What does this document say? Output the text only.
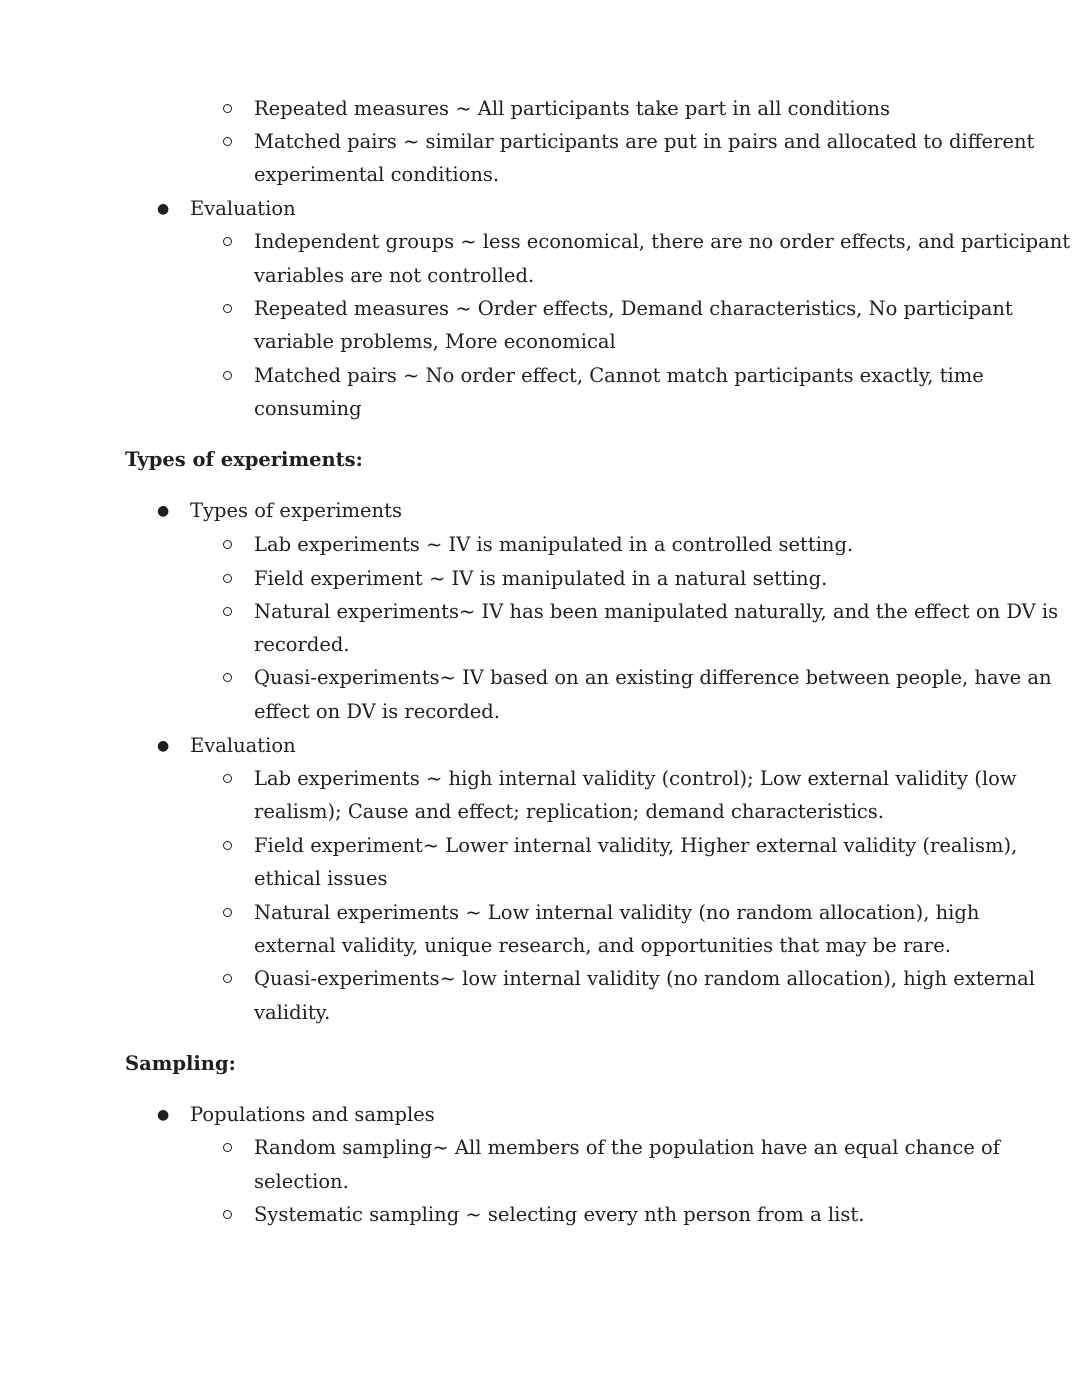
Repeated measures ~ All participants take part in all conditions
Matched pairs ~ similar participants are put in pairs and allocated to different
experimental conditions.
● Evaluation
Independent groups ~ less economical, there are no order effects, and participant
variables are not controlled.
Repeated measures ~ Order effects, Demand characteristics, No participant
variable problems, More economical
Matched pairs ~ No order effect, Cannot match participants exactly, time
consuming
Types of experiments:
● Types of experiments
Lab experiments ~ IV is manipulated in a controlled setting.
Field experiment ~ IV is manipulated in a natural setting.
Natural experiments~ IV has been manipulated naturally, and the effect on DV is
recorded.
Quasi-experiments~ IV based on an existing difference between people, have an
effect on DV is recorded.
● Evaluation
Lab experiments ~ high internal validity (control); Low external validity (low
realism); Cause and effect; replication; demand characteristics.
Field experiment~ Lower internal validity, Higher external validity (realism),
ethical issues
Natural experiments ~ Low internal validity (no random allocation), high
external validity, unique research, and opportunities that may be rare.
Quasi-experiments~ low internal validity (no random allocation), high external
validity.
Sampling:
● Populations and samples
Random sampling~ All members of the population have an equal chance of
selection.
Systematic sampling ~ selecting every nth person from a list.
